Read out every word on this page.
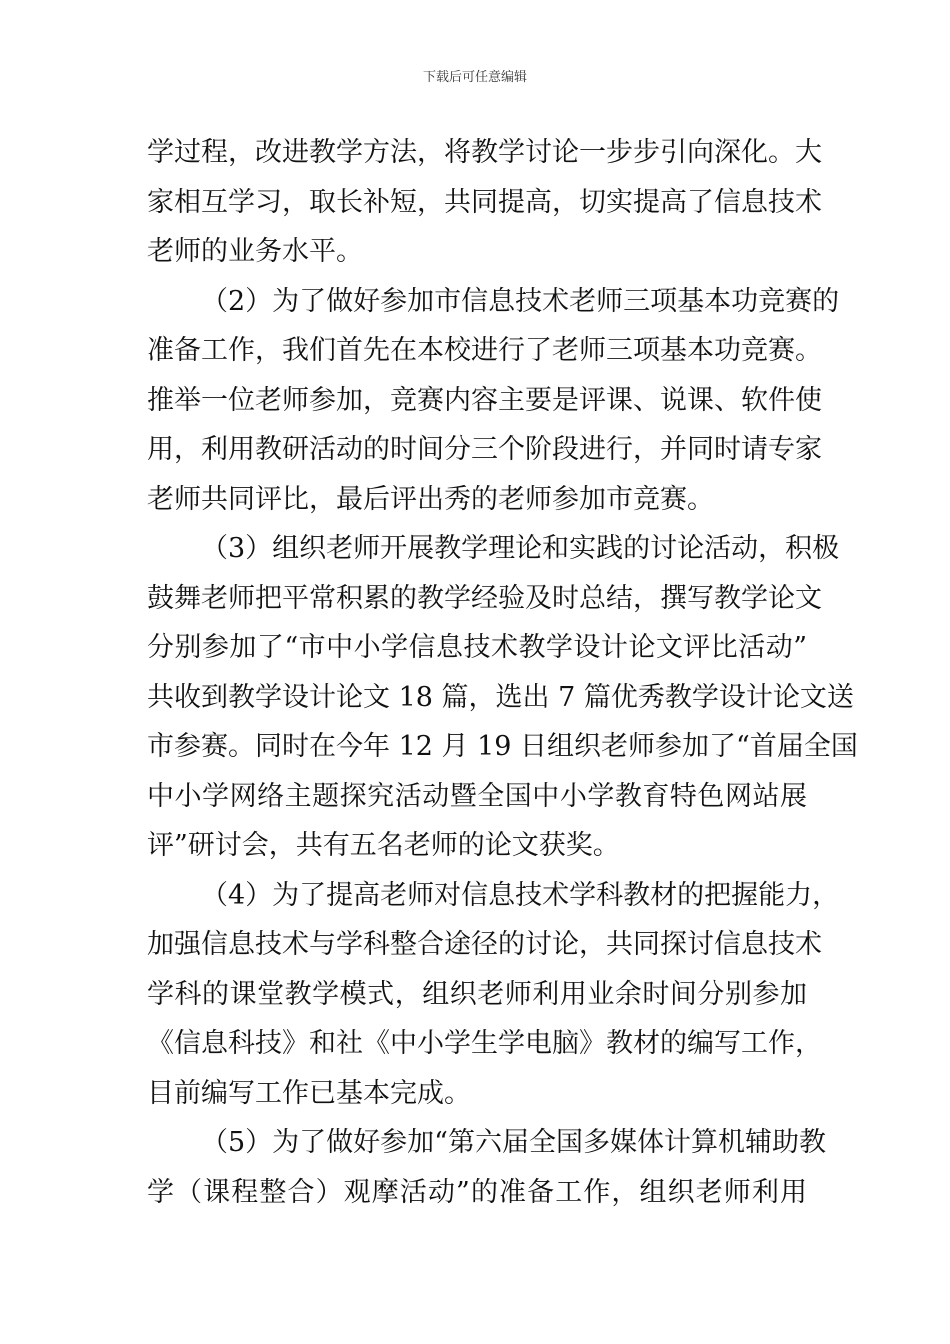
下载后可任意编辑
学过程，改进教学方法，将教学讨论一步步引向深化。大
家相互学习，取长补短，共同提高，切实提高了信息技术
老师的业务水平。
（2）为了做好参加市信息技术老师三项基本功竞赛的
准备工作，我们首先在本校进行了老师三项基本功竞赛。
推举一位老师参加，竞赛内容主要是评课、说课、软件使
用，利用教研活动的时间分三个阶段进行，并同时请专家
老师共同评比，最后评出秀的老师参加市竞赛。
（3）组织老师开展教学理论和实践的讨论活动，积极
鼓舞老师把平常积累的教学经验及时总结，撰写教学论文
分别参加了“市中小学信息技术教学设计论文评比活动”
共收到教学设计论文 18 篇，选出 7 篇优秀教学设计论文送
市参赛。同时在今年 12 月 19 日组织老师参加了“首届全国
中小学网络主题探究活动暨全国中小学教育特色网站展
评”研讨会，共有五名老师的论文获奖。
（4）为了提高老师对信息技术学科教材的把握能力，
加强信息技术与学科整合途径的讨论，共同探讨信息技术
学科的课堂教学模式，组织老师利用业余时间分别参加
《信息科技》和社《中小学生学电脑》教材的编写工作，
目前编写工作已基本完成。
（5）为了做好参加“第六届全国多媒体计算机辅助教
学（课程整合）观摩活动”的准备工作，组织老师利用
